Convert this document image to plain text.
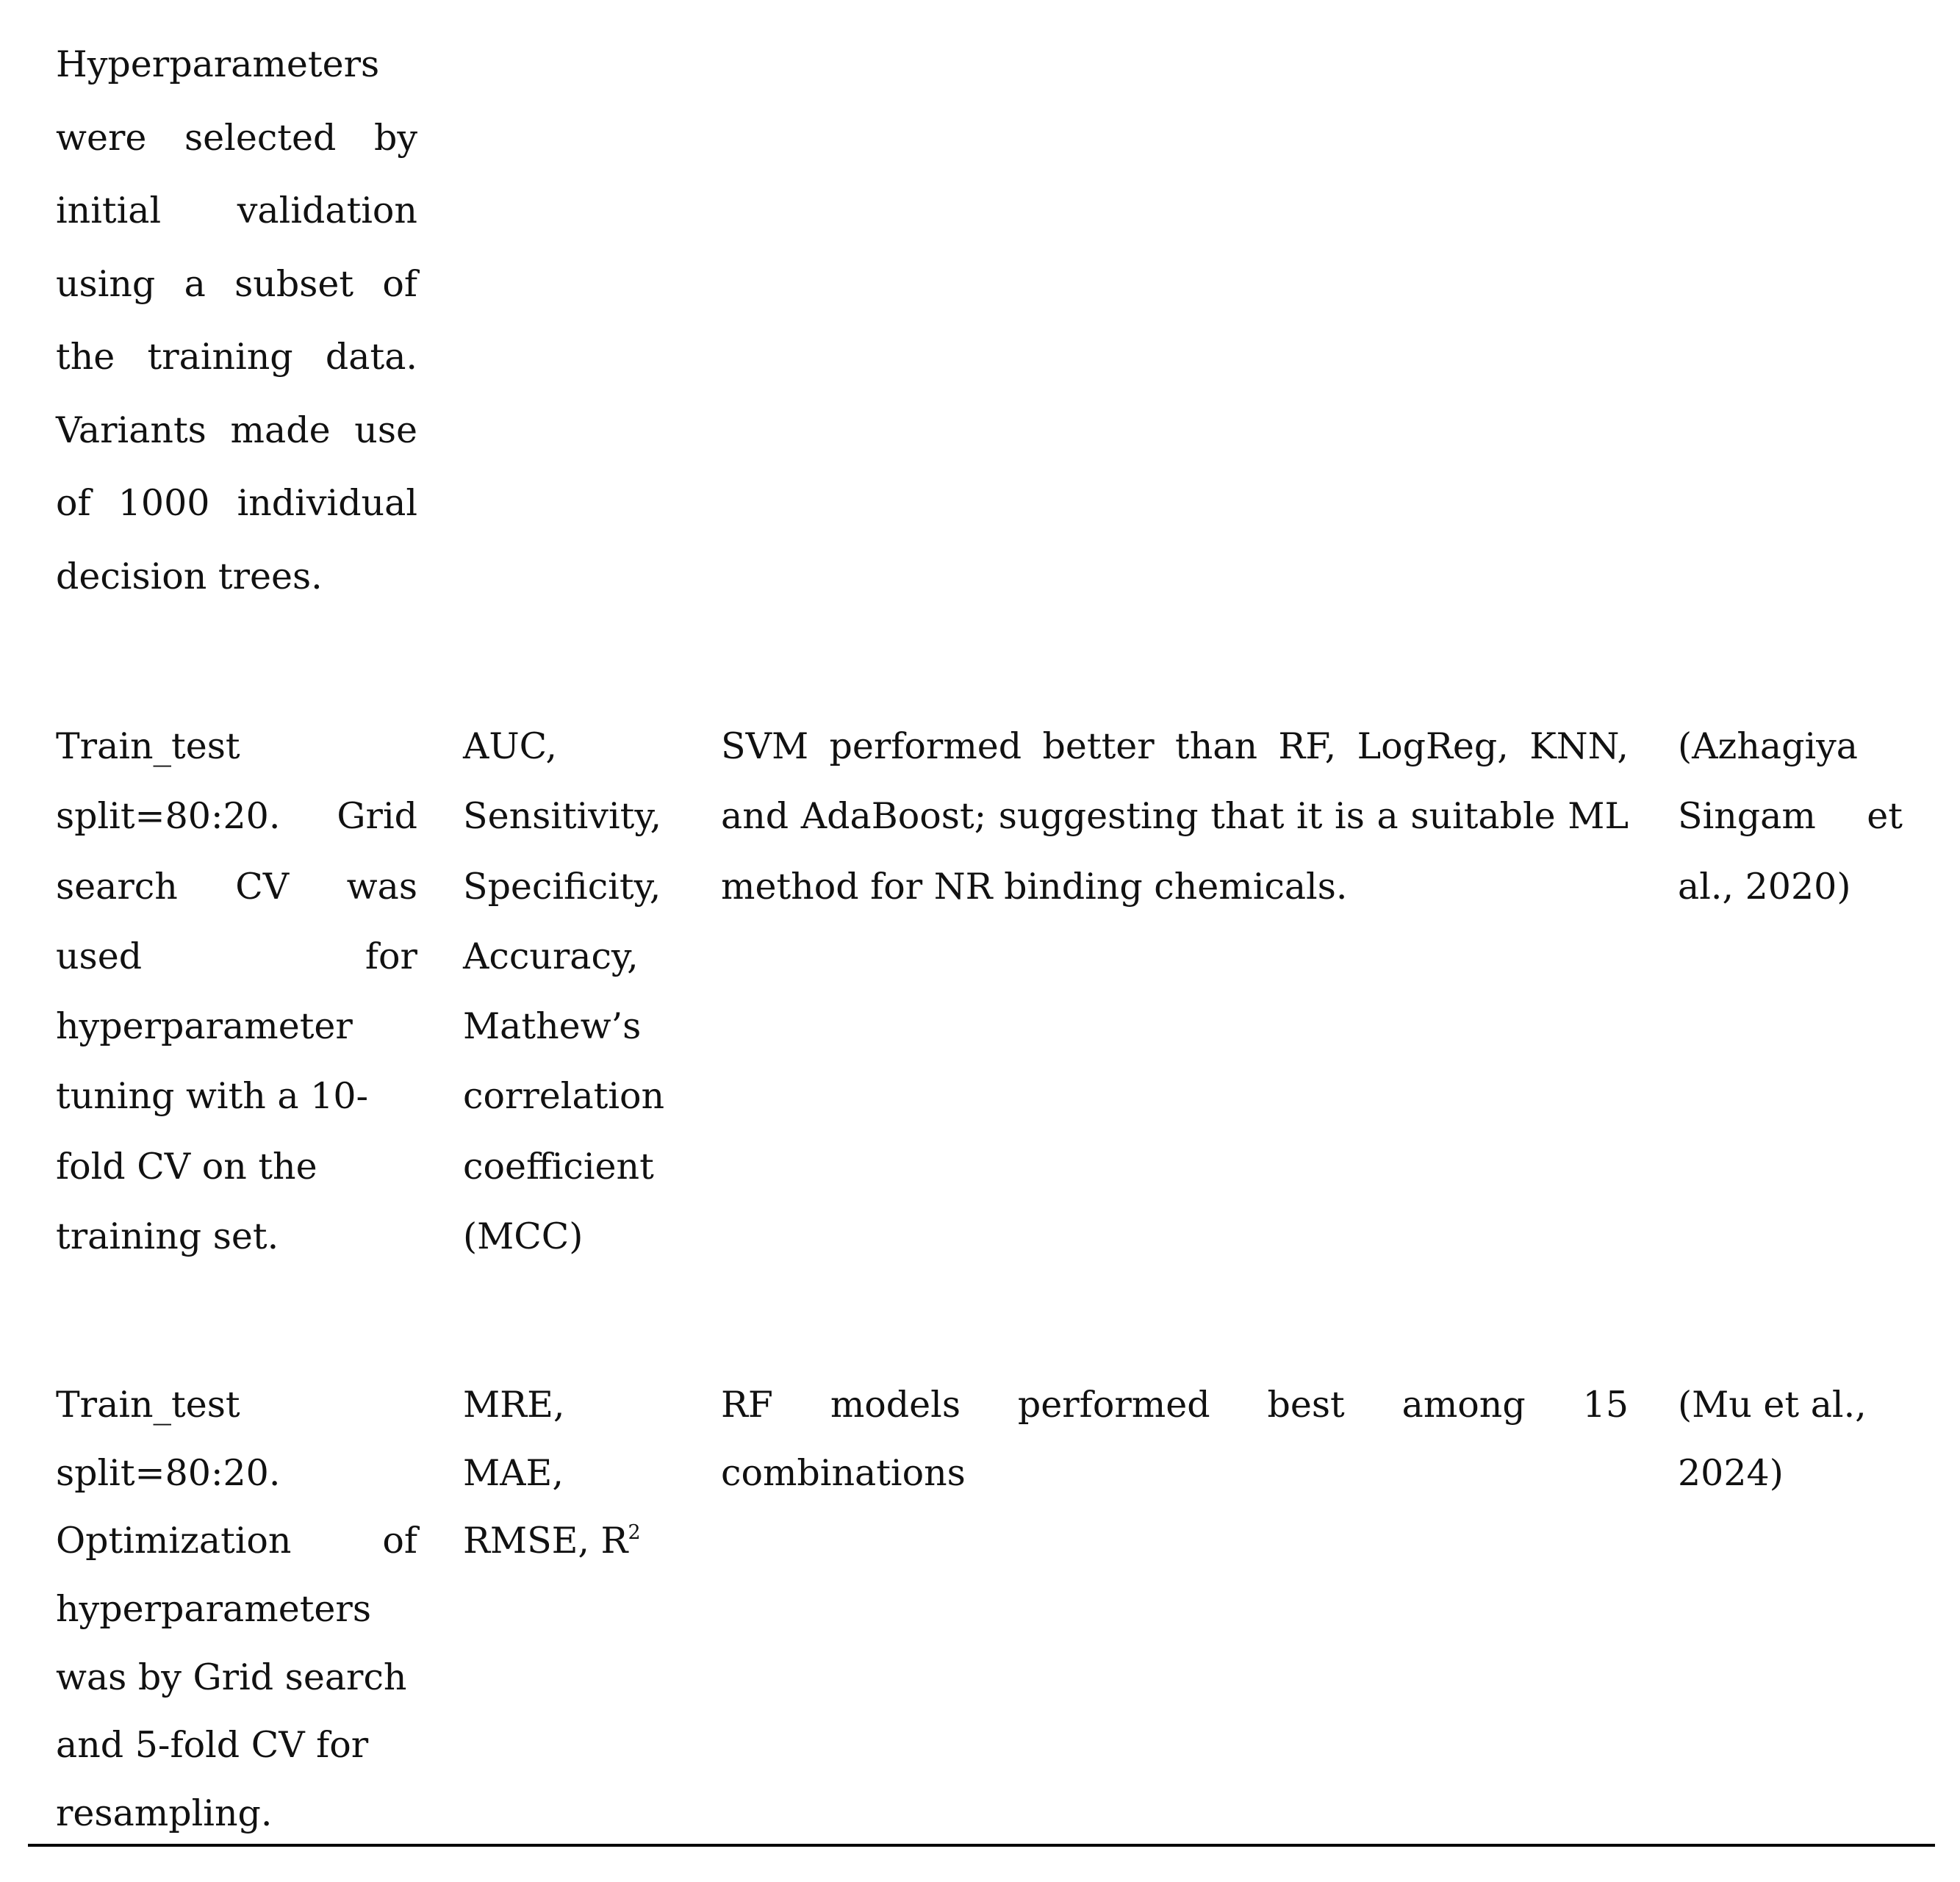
Hyperparameters
were selected by
initial validation
using a subset of
the training data.
Variants made use
of 1000 individual
decision trees.
Train_test
split=80:20. Grid
search CV was
used for
hyperparameter
tuning with a 10-
fold CV on the
training set.
AUC,
Sensitivity,
Specificity,
Accuracy,
Mathew’s
correlation
coefficient
(MCC)
SVM performed better than RF, LogReg, KNN,
and AdaBoost; suggesting that it is a suitable ML
method for NR binding chemicals.
(Azhagiya
Singam et
al., 2020)
Train_test
split=80:20.
Optimization of
hyperparameters
was by Grid search
and 5-fold CV for
resampling.
MRE,
MAE,
RMSE, $R^2$
RF models performed best among 15
combinations
(Mu et al.,
2024)
